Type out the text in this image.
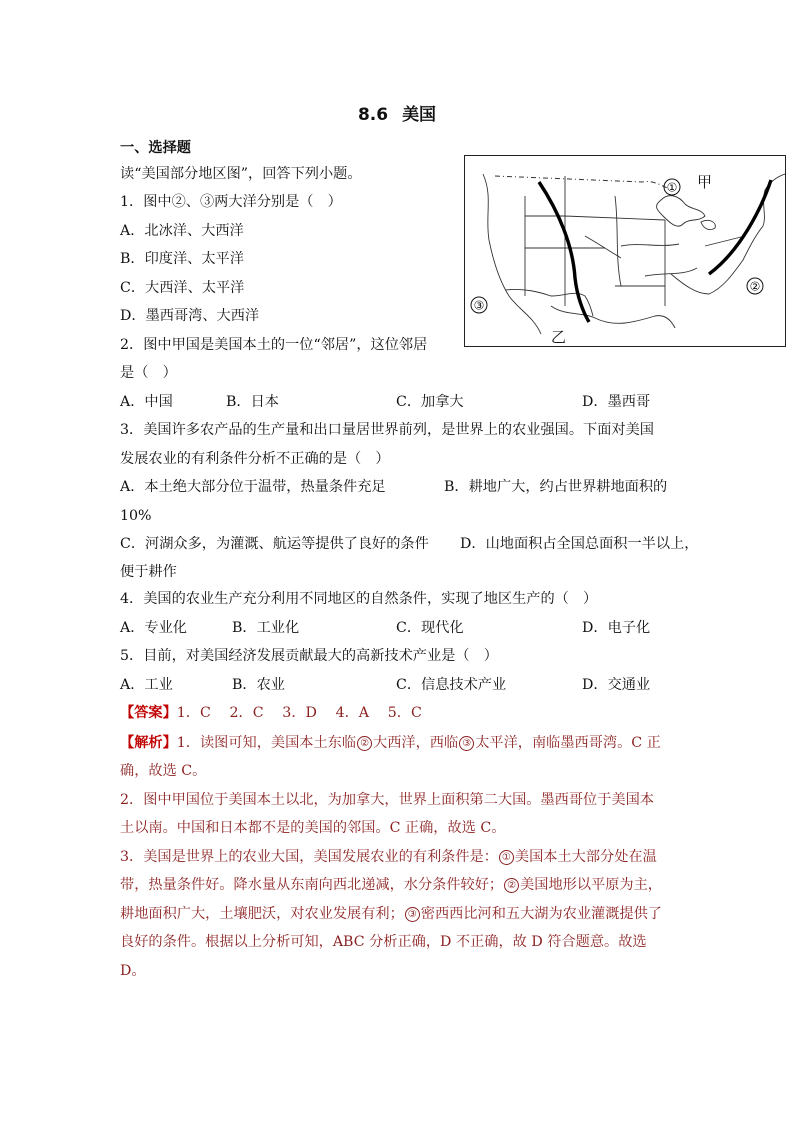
8.6 美国
一、选择题
读“美国部分地区图”，回答下列小题。
① 甲
②
③
乙
1．图中②、③两大洋分别是（　）
A．北冰洋、大西洋
B．印度洋、太平洋
C．大西洋、太平洋
D．墨西哥湾、大西洋
2．图中甲国是美国本土的一位“邻居”，这位邻居
是（　）
A．中国	B．日本	C．加拿大	D．墨西哥
3．美国许多农产品的生产量和出口量居世界前列，是世界上的农业强国。下面对美国
发展农业的有利条件分析不正确的是（　）
A．本土绝大部分位于温带，热量条件充足	B．耕地广大，约占世界耕地面积的
10%
C．河湖众多，为灌溉、航运等提供了良好的条件 D．山地面积占全国总面积一半以上，
便于耕作
4．美国的农业生产充分利用不同地区的自然条件，实现了地区生产的（　）
A．专业化	B．工业化	C．现代化	D．电子化
5．目前，对美国经济发展贡献最大的高新技术产业是（　）
A．工业	B．农业	C．信息技术产业	D．交通业
【答案】1．C　 2．C　 3．D　 4．A　 5．C
【解析】1．读图可知，美国本土东临 ② 大西洋，西临 ③ 太平洋，南临墨西哥湾。C 正
确，故选 C。
2．图中甲国位于美国本土以北，为加拿大，世界上面积第二大国。墨西哥位于美国本
土以南。中国和日本都不是的美国的邻国。C 正确，故选 C。
3．美国是世界上的农业大国，美国发展农业的有利条件是： ① 美国本土大部分处在温
带，热量条件好。降水量从东南向西北递减，水分条件较好； ② 美国地形以平原为主，
耕地面积广大，土壤肥沃，对农业发展有利； ③ 密西西比河和五大湖为农业灌溉提供了
良好的条件。根据以上分析可知，ABC 分析正确，D 不正确，故 D 符合题意。故选
D。
